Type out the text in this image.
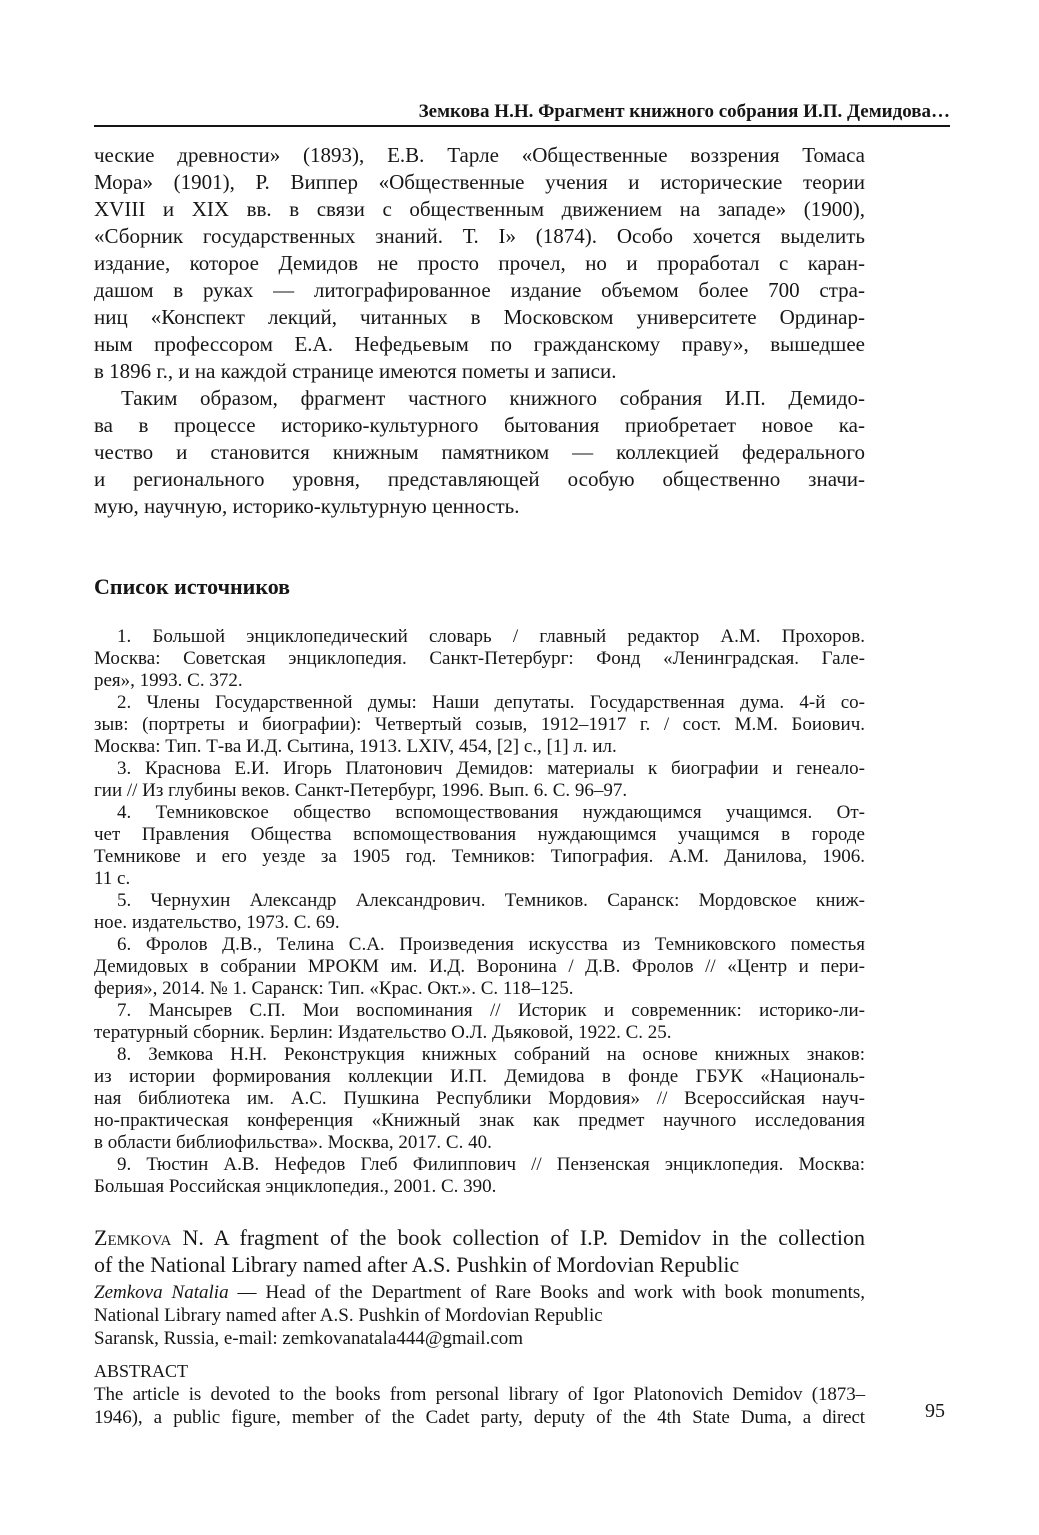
Земкова Н.Н. Фрагмент книжного собрания И.П. Демидова…
ческие древности» (1893), Е.В. Тарле «Общественные воззрения Томаса
Мора» (1901), Р. Виппер «Общественные учения и исторические теории
XVIII и XIX вв. в связи с общественным движением на западе» (1900),
«Сборник государственных знаний. Т. I» (1874). Особо хочется выделить
издание, которое Демидов не просто прочел, но и проработал с каран-
дашом в руках — литографированное издание объемом более 700 стра-
ниц «Конспект лекций, читанных в Московском университете Ординар-
ным профессором Е.А. Нефедьевым по гражданскому праву», вышедшее
в 1896 г., и на каждой странице имеются пометы и записи.
Таким образом, фрагмент частного книжного собрания И.П. Демидо-
ва в процессе историко-культурного бытования приобретает новое ка-
чество и становится книжным памятником — коллекцией федерального
и регионального уровня, представляющей особую общественно значи-
мую, научную, историко-культурную ценность.
Список источников
1. Большой энциклопедический словарь / главный редактор А.М. Прохоров.
Москва: Советская энциклопедия. Санкт-Петербург: Фонд «Ленинградская. Гале-
рея», 1993. С. 372.
2. Члены Государственной думы: Наши депутаты. Государственная дума. 4-й со-
зыв: (портреты и биографии): Четвертый созыв, 1912–1917 г. / сост. М.М. Боиович.
Москва: Тип. Т-ва И.Д. Сытина, 1913. LXIV, 454, [2] с., [1] л. ил.
3. Краснова Е.И. Игорь Платонович Демидов: материалы к биографии и генеало-
гии // Из глубины веков. Санкт-Петербург, 1996. Вып. 6. С. 96–97.
4. Темниковское общество вспомоществования нуждающимся учащимся. От-
чет Правления Общества вспомоществования нуждающимся учащимся в городе
Темникове и его уезде за 1905 год. Темников: Типография. А.М. Данилова, 1906.
11 с.
5. Чернухин Александр Александрович. Темников. Саранск: Мордовское книж-
ное. издательство, 1973. С. 69.
6. Фролов Д.В., Телина С.А. Произведения искусства из Темниковского поместья
Демидовых в собрании МРОКМ им. И.Д. Воронина / Д.В. Фролов // «Центр и пери-
ферия», 2014. № 1. Саранск: Тип. «Крас. Окт.». С. 118–125.
7. Мансырев С.П. Мои воспоминания // Историк и современник: историко-ли-
тературный сборник. Берлин: Издательство О.Л. Дьяковой, 1922. С. 25.
8. Земкова Н.Н. Реконструкция книжных собраний на основе книжных знаков:
из истории формирования коллекции И.П. Демидова в фонде ГБУК «Националь-
ная библиотека им. А.С. Пушкина Республики Мордовия» // Всероссийская науч-
но-практическая конференция «Книжный знак как предмет научного исследования
в области библиофильства». Москва, 2017. С. 40.
9. Тюстин А.В. Нефедов Глеб Филиппович // Пензенская энциклопедия. Москва:
Большая Российская энциклопедия., 2001. С. 390.
Zemkova N. A fragment of the book collection of I.P. Demidov in the collection
of the National Library named after A.S. Pushkin of Mordovian Republic
Zemkova Natalia — Head of the Department of Rare Books and work with book monuments,
National Library named after A.S. Pushkin of Mordovian Republic
Saransk, Russia, e-mail: zemkovanatala444@gmail.com
ABSTRACT
The article is devoted to the books from personal library of Igor Platonovich Demidov (1873–
1946), a public figure, member of the Cadet party, deputy of the 4th State Duma, a direct	95
